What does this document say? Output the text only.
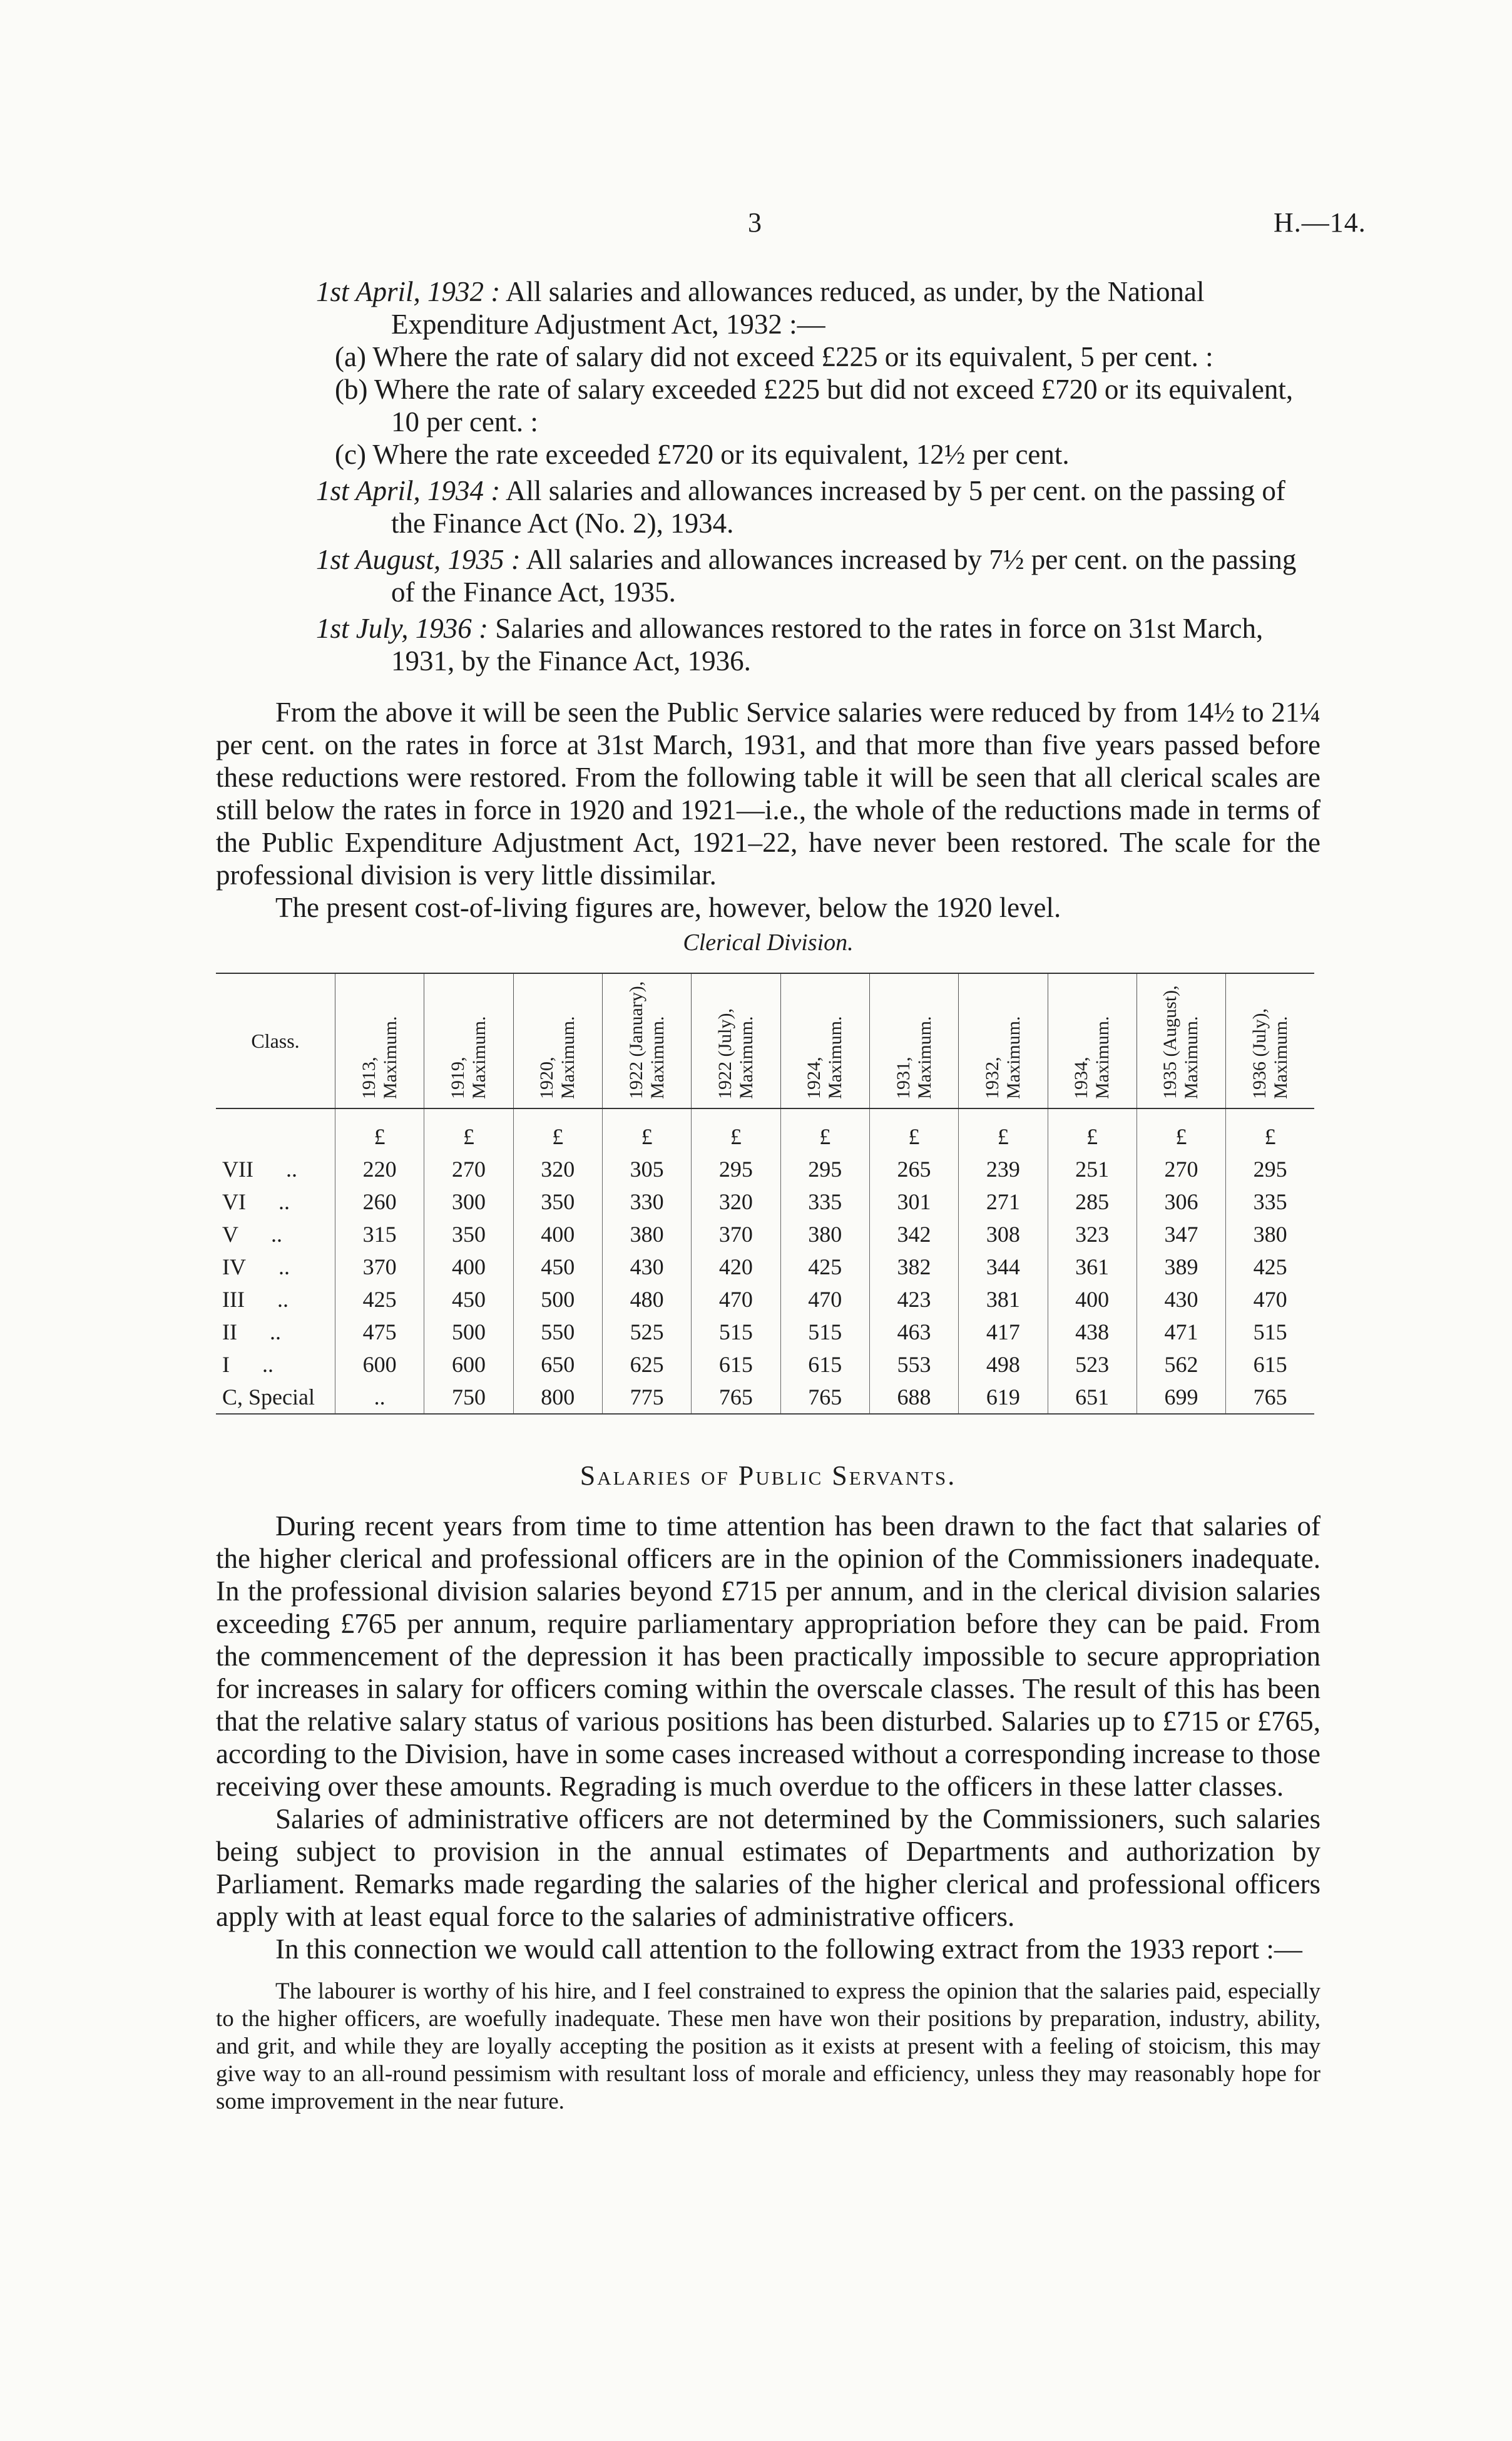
3	H.—14.

1st April, 1932 : All salaries and allowances reduced, as under, by the National Expenditure Adjustment Act, 1932 :—

(a) Where the rate of salary did not exceed £225 or its equivalent, 5 per cent. :

(b) Where the rate of salary exceeded £225 but did not exceed £720 or its equivalent, 10 per cent. :

(c) Where the rate exceeded £720 or its equivalent, 12½ per cent.

1st April, 1934 : All salaries and allowances increased by 5 per cent. on the passing of the Finance Act (No. 2), 1934.

1st August, 1935 : All salaries and allowances increased by 7½ per cent. on the passing of the Finance Act, 1935.

1st July, 1936 : Salaries and allowances restored to the rates in force on 31st March, 1931, by the Finance Act, 1936.

From the above it will be seen the Public Service salaries were reduced by from 14½ to 21¼ per cent. on the rates in force at 31st March, 1931, and that more than five years passed before these reductions were restored. From the following table it will be seen that all clerical scales are still below the rates in force in 1920 and 1921—i.e., the whole of the reductions made in terms of the Public Expenditure Adjustment Act, 1921–22, have never been restored. The scale for the professional division is very little dissimilar.

The present cost-of-living figures are, however, below the 1920 level.

Clerical Division.
Class.	1913, Maximum.	1919, Maximum.	1920, Maximum.	1922 (January), Maximum.	1922 (July), Maximum.	1924, Maximum.	1931, Maximum.	1932, Maximum.	1934, Maximum.	1935 (August), Maximum.	1936 (July), Maximum.
	£	£	£	£	£	£	£	£	£	£	£
VII ..	220	270	320	305	295	295	265	239	251	270	295
VI ..	260	300	350	330	320	335	301	271	285	306	335
V ..	315	350	400	380	370	380	342	308	323	347	380
IV ..	370	400	450	430	420	425	382	344	361	389	425
III ..	425	450	500	480	470	470	423	381	400	430	470
II ..	475	500	550	525	515	515	463	417	438	471	515
I ..	600	600	650	625	615	615	553	498	523	562	615
C, Special	..	750	800	775	765	765	688	619	651	699	765
Salaries of Public Servants.

During recent years from time to time attention has been drawn to the fact that salaries of the higher clerical and professional officers are in the opinion of the Commissioners inadequate. In the professional division salaries beyond £715 per annum, and in the clerical division salaries exceeding £765 per annum, require parliamentary appropriation before they can be paid. From the commencement of the depression it has been practically impossible to secure appropriation for increases in salary for officers coming within the overscale classes. The result of this has been that the relative salary status of various positions has been disturbed. Salaries up to £715 or £765, according to the Division, have in some cases increased without a corresponding increase to those receiving over these amounts. Regrading is much overdue to the officers in these latter classes.

Salaries of administrative officers are not determined by the Commissioners, such salaries being subject to provision in the annual estimates of Departments and authorization by Parliament. Remarks made regarding the salaries of the higher clerical and professional officers apply with at least equal force to the salaries of administrative officers.

In this connection we would call attention to the following extract from the 1933 report :—

The labourer is worthy of his hire, and I feel constrained to express the opinion that the salaries paid, especially to the higher officers, are woefully inadequate. These men have won their positions by preparation, industry, ability, and grit, and while they are loyally accepting the position as it exists at present with a feeling of stoicism, this may give way to an all-round pessimism with resultant loss of morale and efficiency, unless they may reasonably hope for some improvement in the near future.
